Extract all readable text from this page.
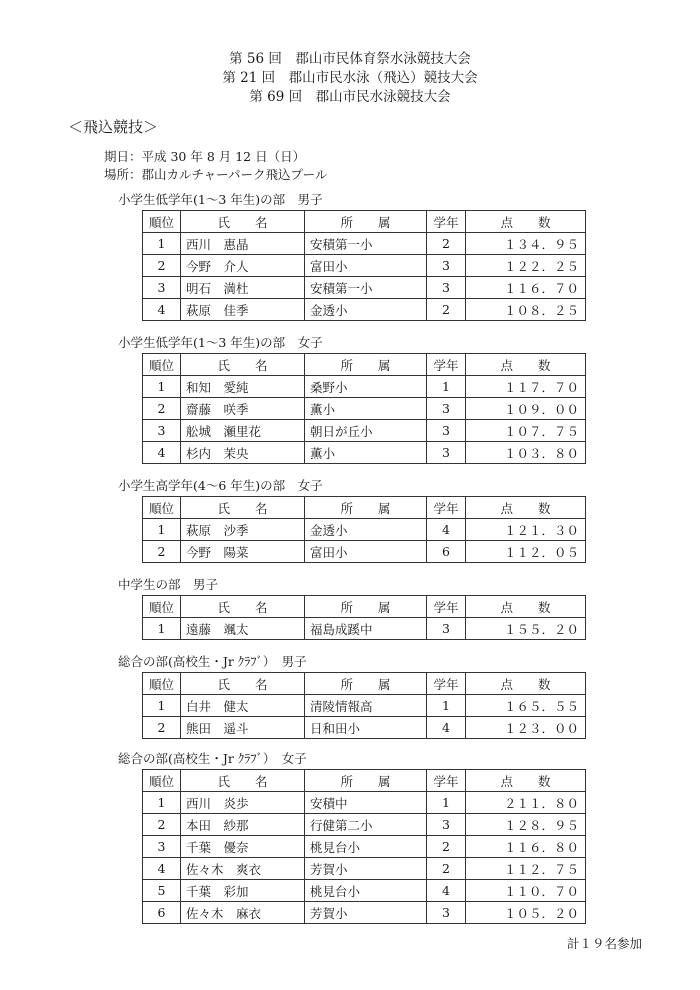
第 56 回　郡山市民体育祭水泳競技大会
第 21 回　郡山市民水泳（飛込）競技大会
第 69 回　郡山市民水泳競技大会
＜飛込競技＞
期日：平成 30 年 8 月 12 日（日）
場所：郡山カルチャーパーク飛込プール
小学生低学年(1～3 年生)の部　男子
順位	氏　　名	所　　属	学年	点　　数
1	西川　惠晶	安積第一小	2	１３４．９５
2	今野　介人	富田小	3	１２２．２５
3	明石　満杜	安積第一小	3	１１６．７０
4	萩原　佳季	金透小	2	１０８．２５
小学生低学年(1～3 年生)の部　女子
順位	氏　　名	所　　属	学年	点　　数
1	和知　愛純	桑野小	1	１１７．７０
2	齋藤　咲季	薫小	3	１０９．００
3	舩城　瀬里花	朝日が丘小	3	１０７．７５
4	杉内　茉央	薫小	3	１０３．８０
小学生高学年(4～6 年生)の部　女子
順位	氏　　名	所　　属	学年	点　　数
1	萩原　沙季	金透小	4	１２１．３０
2	今野　陽菜	富田小	6	１１２．０５
中学生の部　男子
順位	氏　　名	所　　属	学年	点　　数
1	遠藤　颯太	福島成蹊中	3	１５５．２０
総合の部(高校生・Jr ｸﾗﾌﾞ）　男子
順位	氏　　名	所　　属	学年	点　　数
1	白井　健太	清陵情報高	1	１６５．５５
2	熊田　遥斗	日和田小	4	１２３．００
総合の部(高校生・Jr ｸﾗﾌﾞ）　女子
順位	氏　　名	所　　属	学年	点　　数
1	西川　炎歩	安積中	1	２１１．８０
2	本田　紗那	行健第二小	3	１２８．９５
3	千葉　優奈	桃見台小	2	１１６．８０
4	佐々木　爽衣	芳賀小	2	１１２．７５
5	千葉　彩加	桃見台小	4	１１０．７０
6	佐々木　麻衣	芳賀小	3	１０５．２０
計１９名参加
